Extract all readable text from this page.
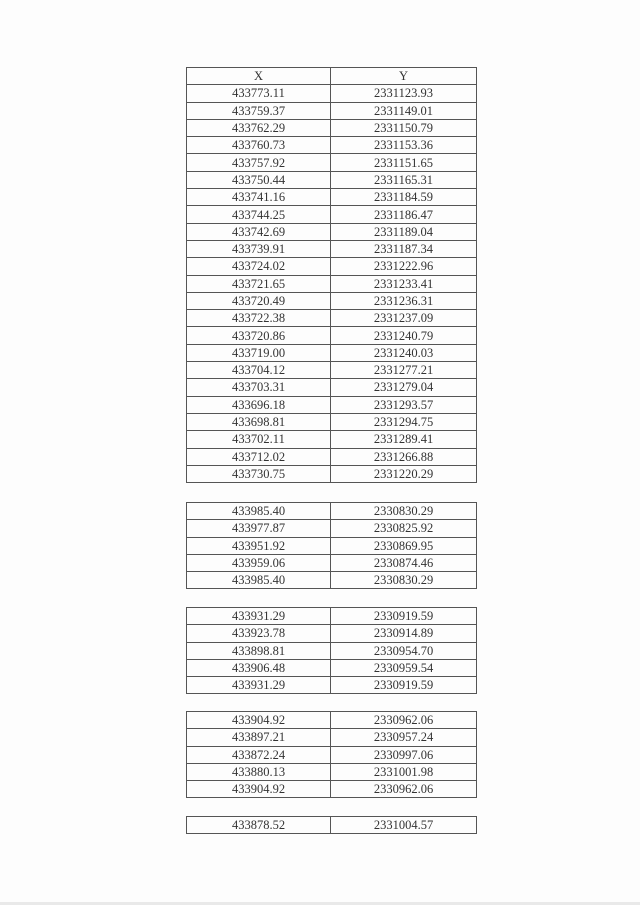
X	Y
433773.11	2331123.93
433759.37	2331149.01
433762.29	2331150.79
433760.73	2331153.36
433757.92	2331151.65
433750.44	2331165.31
433741.16	2331184.59
433744.25	2331186.47
433742.69	2331189.04
433739.91	2331187.34
433724.02	2331222.96
433721.65	2331233.41
433720.49	2331236.31
433722.38	2331237.09
433720.86	2331240.79
433719.00	2331240.03
433704.12	2331277.21
433703.31	2331279.04
433696.18	2331293.57
433698.81	2331294.75
433702.11	2331289.41
433712.02	2331266.88
433730.75	2331220.29
433985.40	2330830.29
433977.87	2330825.92
433951.92	2330869.95
433959.06	2330874.46
433985.40	2330830.29
433931.29	2330919.59
433923.78	2330914.89
433898.81	2330954.70
433906.48	2330959.54
433931.29	2330919.59
433904.92	2330962.06
433897.21	2330957.24
433872.24	2330997.06
433880.13	2331001.98
433904.92	2330962.06
433878.52	2331004.57
